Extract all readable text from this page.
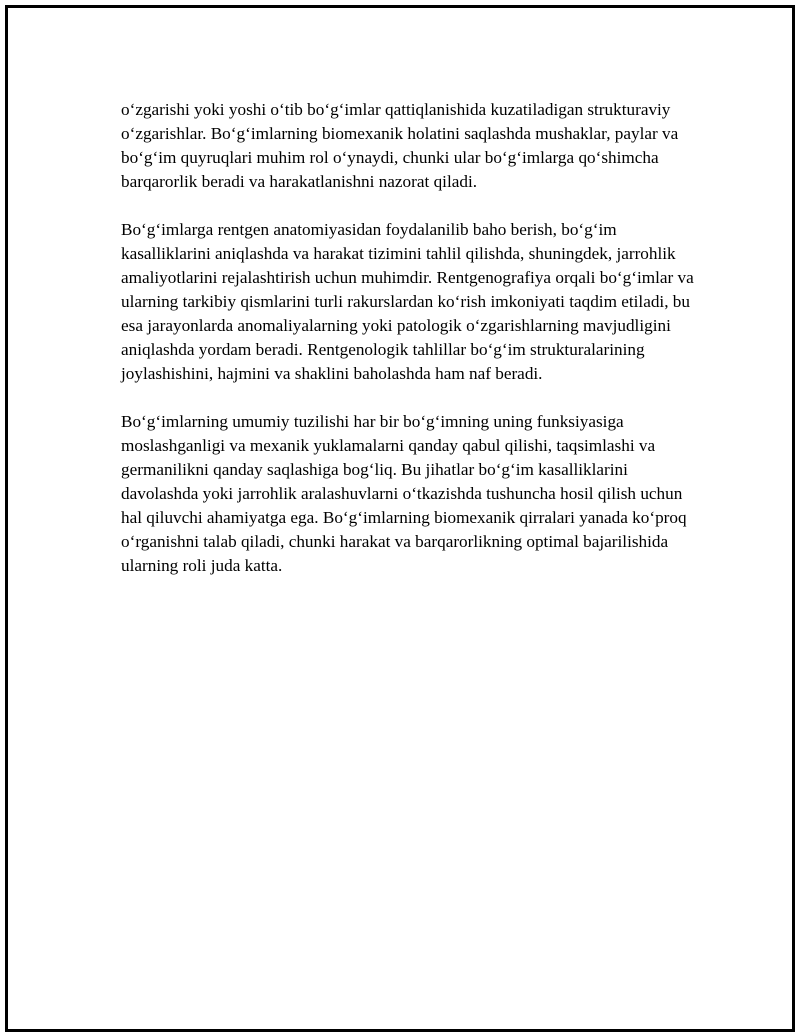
o‘zgarishi yoki yoshi o‘tib bo‘g‘imlar qattiqlanishida kuzatiladigan strukturaviy o‘zgarishlar. Bo‘g‘imlarning biomexanik holatini saqlashda mushaklar, paylar va bo‘g‘im quyruqlari muhim rol o‘ynaydi, chunki ular bo‘g‘imlarga qo‘shimcha barqarorlik beradi va harakatlanishni nazorat qiladi.

Bo‘g‘imlarga rentgen anatomiyasidan foydalanilib baho berish, bo‘g‘im kasalliklarini aniqlashda va harakat tizimini tahlil qilishda, shuningdek, jarrohlik amaliyotlarini rejalashtirish uchun muhimdir. Rentgenografiya orqali bo‘g‘imlar va ularning tarkibiy qismlarini turli rakurslardan ko‘rish imkoniyati taqdim etiladi, bu esa jarayonlarda anomaliyalarning yoki patologik o‘zgarishlarning mavjudligini aniqlashda yordam beradi. Rentgenologik tahlillar bo‘g‘im strukturalarining joylashishini, hajmini va shaklini baholashda ham naf beradi.

Bo‘g‘imlarning umumiy tuzilishi har bir bo‘g‘imning uning funksiyasiga moslashganligi va mexanik yuklamalarni qanday qabul qilishi, taqsimlashi va germanilikni qanday saqlashiga bog‘liq. Bu jihatlar bo‘g‘im kasalliklarini davolashda yoki jarrohlik aralashuvlarni o‘tkazishda tushuncha hosil qilish uchun hal qiluvchi ahamiyatga ega. Bo‘g‘imlarning biomexanik qirralari yanada ko‘proq o‘rganishni talab qiladi, chunki harakat va barqarorlikning optimal bajarilishida ularning roli juda katta.
